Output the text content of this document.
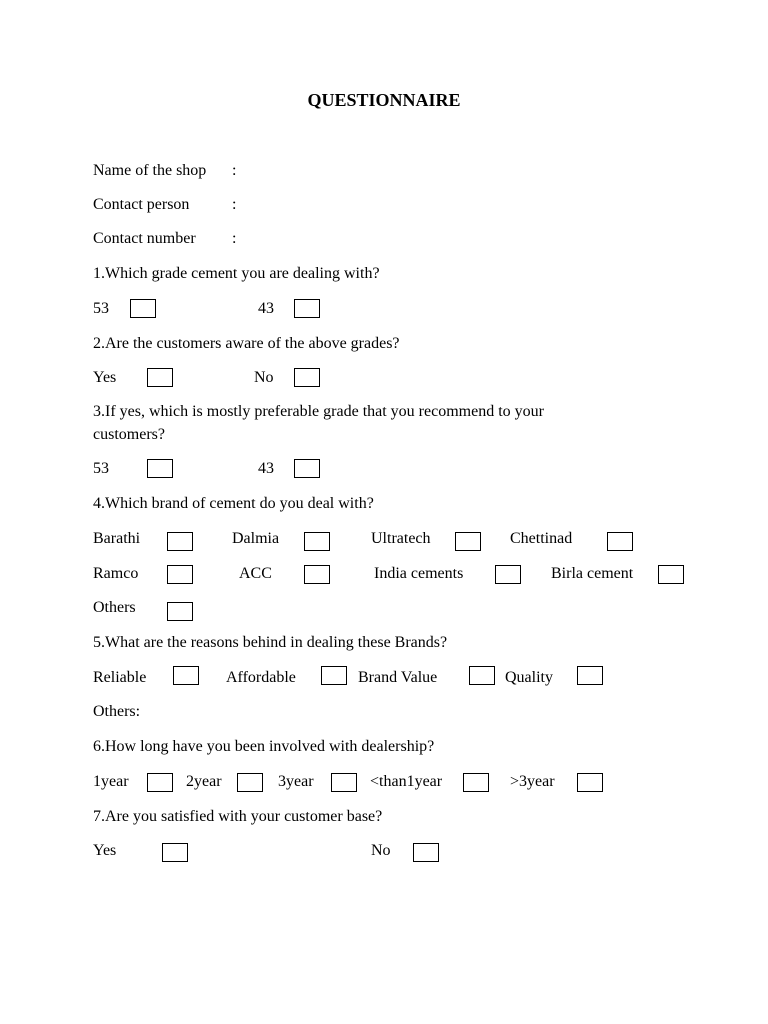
QUESTIONNAIRE
Name of the shop :
Contact person	:
Contact number :
1.Which grade cement you are dealing with?
53	43
2.Are the customers aware of the above grades?
Yes	No
3.If yes, which is mostly preferable grade that you recommend to your
customers?
53	43
4.Which brand of cement do you deal with?
Barathi	Dalmia	Ultratech	Chettinad
Ramco	ACC	India cements	Birla cement
Others
5.What are the reasons behind in dealing these Brands?
Reliable	Affordable	Brand Value	Quality
Others:
6.How long have you been involved with dealership?
1year	2year	3year	<than1year	>3year
7.Are you satisfied with your customer base?
Yes	No
